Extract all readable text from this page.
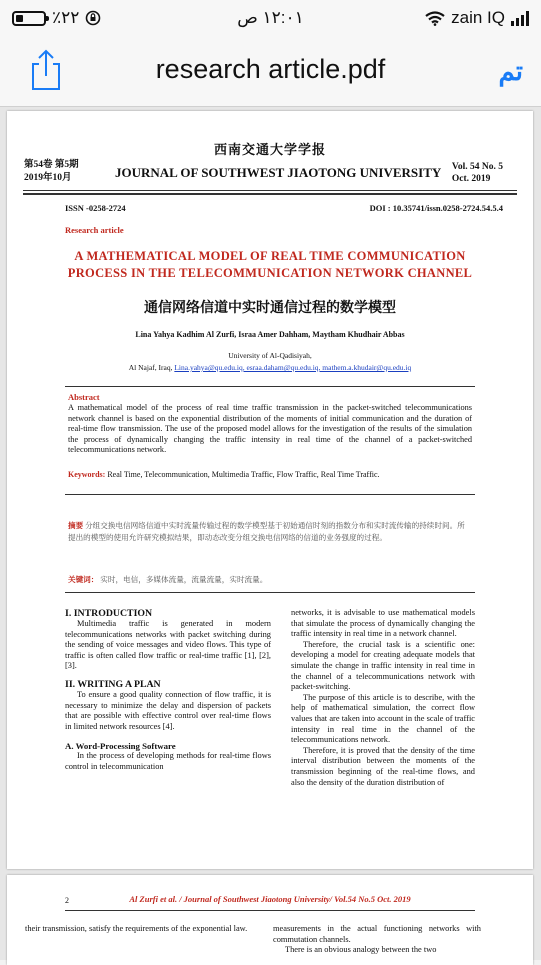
٪٢٢	١٢:٠١ ص	zain IQ
research article.pdf	تم
西南交通大学学报
第54卷 第5期
2019年10月	JOURNAL OF SOUTHWEST JIAOTONG UNIVERSITY Vol. 54 No. 5
Oct. 2019
ISSN -0258-2724	DOI : 10.35741/issn.0258-2724.54.5.4
Research article
A MATHEMATICAL MODEL OF REAL TIME COMMUNICATION
PROCESS IN THE TELECOMMUNICATION NETWORK CHANNEL
通信网络信道中实时通信过程的数学模型
Lina Yahya Kadhim Al Zurfi, Israa Amer Dahham, Maytham Khudhair Abbas
University of Al-Qadisiyah,
Al Najaf, Iraq, Lina.yahya@qu.edu.iq, esraa.daham@qu.edu.iq, mathem.a.khudair@qu.edu.iq
Abstract
A mathematical model of the process of real time traffic transmission in the packet-switched telecommunications network channel is based on the exponential distribution of the moments of initial communication and the duration of real-time flow transmission. The use of the proposed model allows for the investigation of the results of the simulation the process of dynamically changing the traffic intensity in real time of the channel of a packet-switched telecommunications network.
Keywords: Real Time, Telecommunication, Multimedia Traffic, Flow Traffic, Real Time Traffic.
摘要 分组交换电信网络信道中实时流量传输过程的数学模型基于初始通信时刻的指数分布和实时流传输的持续时间。所提出的模型的使用允许研究模拟结果，即动态改变分组交换电信网络的信道的业务强度的过程。
关键词： 实时，电信，多媒体流量，流量流量，实时流量。
I. INTRODUCTION
Multimedia traffic is generated in modern telecommunications networks with packet switching during the sending of voice messages and video flows. This type of traffic is often called flow traffic or real-time traffic [1], [2], [3].
II. WRITING A PLAN
To ensure a good quality connection of flow traffic, it is necessary to minimize the delay and dispersion of packets that are possible with effective control over real-time flows in limited network resources [4].
A. Word-Processing Software
In the process of developing methods for real-time flows control in telecommunication
networks, it is advisable to use mathematical models that simulate the process of dynamically changing the traffic intensity in real time in a network channel.
Therefore, the crucial task is a scientific one: developing a model for creating adequate models that simulate the change in traffic intensity in real time in the channel of a telecommunications network with packet-switching.
The purpose of this article is to describe, with the help of mathematical simulation, the correct flow values that are taken into account in the scale of traffic intensity in real time in the channel of the telecommunications network.
Therefore, it is proved that the density of the time interval distribution between the moments of the transmission beginning of the real-time flows, and also the density of the duration distribution of
2	Al Zurfi et al. / Journal of Southwest Jiaotong University/ Vol.54 No.5 Oct. 2019
their transmission, satisfy the requirements of the exponential law.	measurements in the actual functioning networks with commutation channels.
There is an obvious analogy between the two
